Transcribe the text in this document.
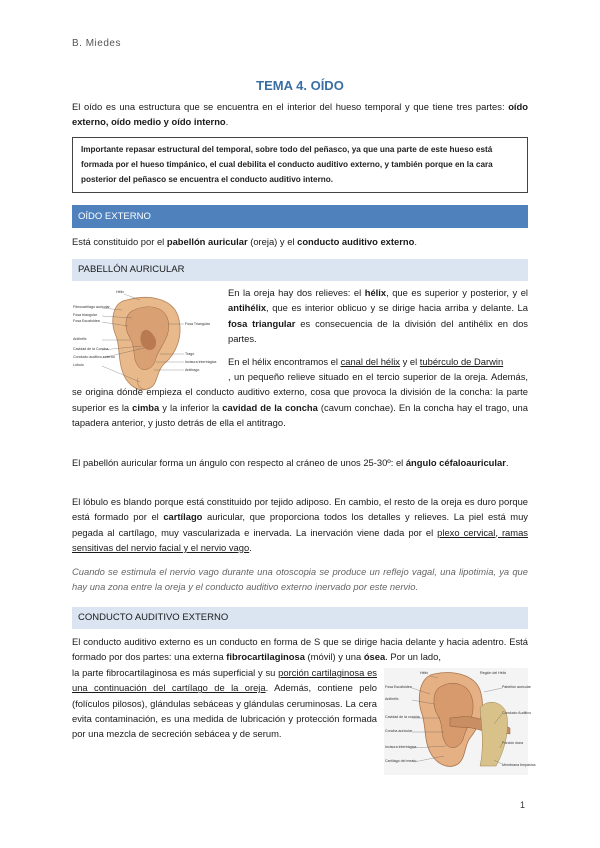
B. Miedes
TEMA 4. OÍDO
El oído es una estructura que se encuentra en el interior del hueso temporal y que tiene tres partes: oído externo, oído medio y oído interno.
Importante repasar estructural del temporal, sobre todo del peñasco, ya que una parte de este hueso está formada por el hueso timpánico, el cual debilita el conducto auditivo externo, y también porque en la cara posterior del peñasco se encuentra el conducto auditivo interno.
OÍDO EXTERNO
Está constituido por el pabellón auricular (oreja) y el conducto auditivo externo.
PABELLÓN AURICULAR
Hélix
Fibrocartílago auricular
Fosa triangular
Fosa Escafoidea
Antihélix
Cavidad de la Concha
Conducto auditivo externo
Lóbulo
Fosa Triangular
Trago
Incisura intertrágica
Antitrago
En la oreja hay dos relieves: el hélix, que es superior y posterior, y el antihélix, que es interior oblicuo y se dirige hacia arriba y delante. La fosa triangular es consecuencia de la división del antihélix en dos partes.
En el hélix encontramos el canal del hélix y el tubérculo de Darwin
, un pequeño relieve situado en el tercio superior de la oreja. Además, se origina dónde empieza el conducto auditivo externo, cosa que provoca la división de la concha: la parte superior es la cimba y la inferior la cavidad de la concha (cavum conchae). En la concha hay el trago, una tapadera anterior, y justo detrás de ella el antitrago.
El pabellón auricular forma un ángulo con respecto al cráneo de unos 25-30º: el ángulo céfaloauricular.
El lóbulo es blando porque está constituido por tejido adiposo. En cambio, el resto de la oreja es duro porque está formado por el cartílago auricular, que proporciona todos los detalles y relieves. La piel está muy pegada al cartílago, muy vascularizada e inervada. La inervación viene dada por el plexo cervical, ramas sensitivas del nervio facial y el nervio vago.
Cuando se estimula el nervio vago durante una otoscopia se produce un reflejo vagal, una lipotimia, ya que hay una zona entre la oreja y el conducto auditivo externo inervado por este nervio.
CONDUCTO AUDITIVO EXTERNO
El conducto auditivo externo es un conducto en forma de S que se dirige hacia delante y hacia adentro. Está formado por dos partes: una externa fibrocartilaginosa (móvil) y una ósea. Por un lado,
la parte fibrocartilaginosa es más superficial y su porción cartilaginosa es una continuación del cartílago de la oreja. Además, contiene pelo (folículos pilosos), glándulas sebáceas y glándulas ceruminosas. La cera evita contaminación, es una medida de lubricación y protección formada por una mezcla de secreción sebácea y de serum.
Hélix	Región del Hélix
Fosa Escafoidea
Antihélix
Cavidad de la concha
Concha auricular
Incisura intertrágica
Cartílago del meato
Pabellón auricular
Conducto Auditivo
Porción ósea
Membrana timpánica
1
